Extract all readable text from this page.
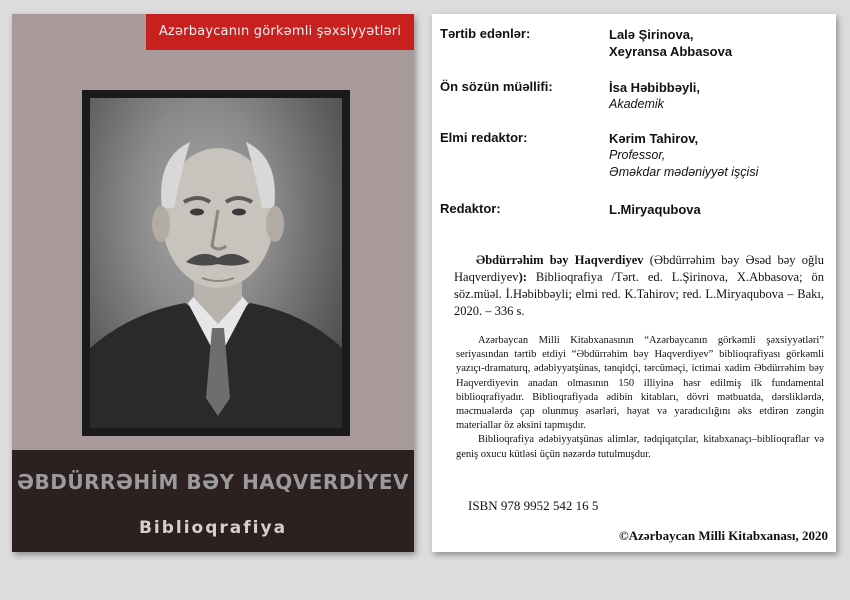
Azərbaycanın görkəmli şəxsiyyətləri
ƏBDÜRRƏHİM BƏY HAQVERDİYEV
Biblioqrafiya
Tərtib edənlər:	Lalə Şirinova,
Xeyransa Abbasova
Ön sözün müəllifi:	İsa Həbibbəyli,
Akademik
Elmi redaktor:	Kərim Tahirov,
Professor,
Əməkdar mədəniyyət işçisi
Redaktor:	L.Miryaqubova
Əbdürrəhim bəy Haqverdiyev (Əbdürrəhim bəy Əsəd bəy oğlu Haqverdiyev): Biblioqrafiya /Tərt. ed. L.Şirinova, X.Abbasova; ön söz.müəl. İ.Həbibbəyli; elmi red. K.Tahirov; red. L.Miryaqubova – Bakı, 2020. – 336 s.

Azərbaycan Milli Kitabxanasının “Azərbaycanın görkəmli şəxsiyyətləri” seriyasından tərtib etdiyi “Əbdürrəhim bəy Haqverdiyev” biblioqrafiyası görkəmli yazıçı-dramaturq, ədəbiyyatşünas, tənqidçi, tərcüməçi, ictimai xadim Əbdürrəhim bəy Haqverdiyevin anadan olmasının 150 illiyinə həsr edilmiş ilk fundamental biblioqrafiyadır. Biblioqrafiyada ədibin kitabları, dövri mətbuatda, dərsliklərdə, məcmuələrdə çap olunmuş əsərləri, həyat və yaradıcılığını əks etdirən zəngin materiallar öz əksini tapmışdır.

Biblioqrafiya ədəbiyyatşünas alimlər, tədqiqatçılar, kitabxanaçı–biblioqraflar və geniş oxucu kütləsi üçün nəzərdə tutulmuşdur.

ISBN 978 9952 542 16 5
©Azərbaycan Milli Kitabxanası, 2020
